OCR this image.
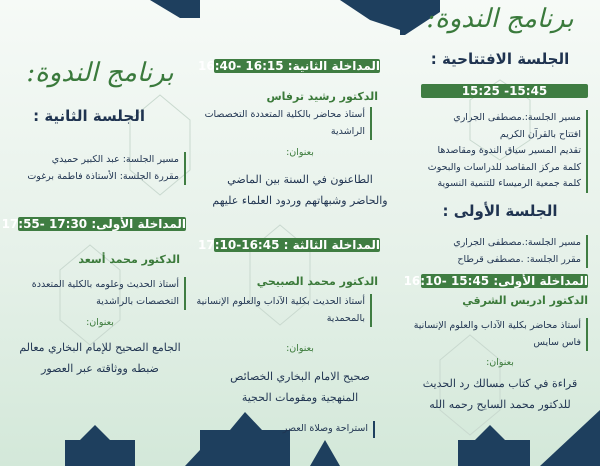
برنامج الندوة:
الجلسة الافتتاحية :
15:45- 15:25
مسير الجلسة:.مصطفى الجراري
افتتاح بالقرآن الكريم
تقديم المسير سياق الندوة ومقاصدها
كلمة مركز المقاصد للدراسات والبحوث
كلمة جمعية الرميساء للتنمية النسوية
الجلسة الأولى :
مسير الجلسة:.مصطفى الجراري
مقرر الجلسة: .مصطفى قرطاح
المداخلة الأولى: 15:45 -16:10
الدكتور ادريس الشرقي
أستاذ محاضر بكلية الآداب والعلوم الإنسانية
فاس سايس
بعنوان:
قراءة في كتاب مسالك رد الحديث
للدكتور محمد السايح رحمه الله
المداخلة الثانية: 16:15 -16:40
الدكتور رشيد ترفاس
أستاذ محاضر بالكلية المتعددة التخصصات
الراشدية
بعنوان:
الطاعنون في السنة بين الماضي
والحاضر وشبهاتهم وردود العلماء عليهم
المداخلة الثالثة : 16:45-17:10
الدكتور محمد الصبيحي
أستاذ الحديث بكلية الآداب والعلوم الإنسانية
بالمحمدية
بعنوان:
صحيح الامام البخاري الخصائص
المنهجية ومقومات الحجية
استراحة وصلاة العصر
برنامج الندوة:
الجلسة الثانية :
مسير الجلسة: عبد الكبير حميدي
مقررة الجلسة: الأستاذة فاطمة برغوت
المداخلة الأولى: 17:30 -17:55
الدكتور محمد أسعد
أستاذ الحديث وعلومه بالكلية المتعددة
التخصصات بالراشدية
بعنوان:
الجامع الصحيح للإمام البخاري معالم
ضبطه ووثاقته عبر العصور
